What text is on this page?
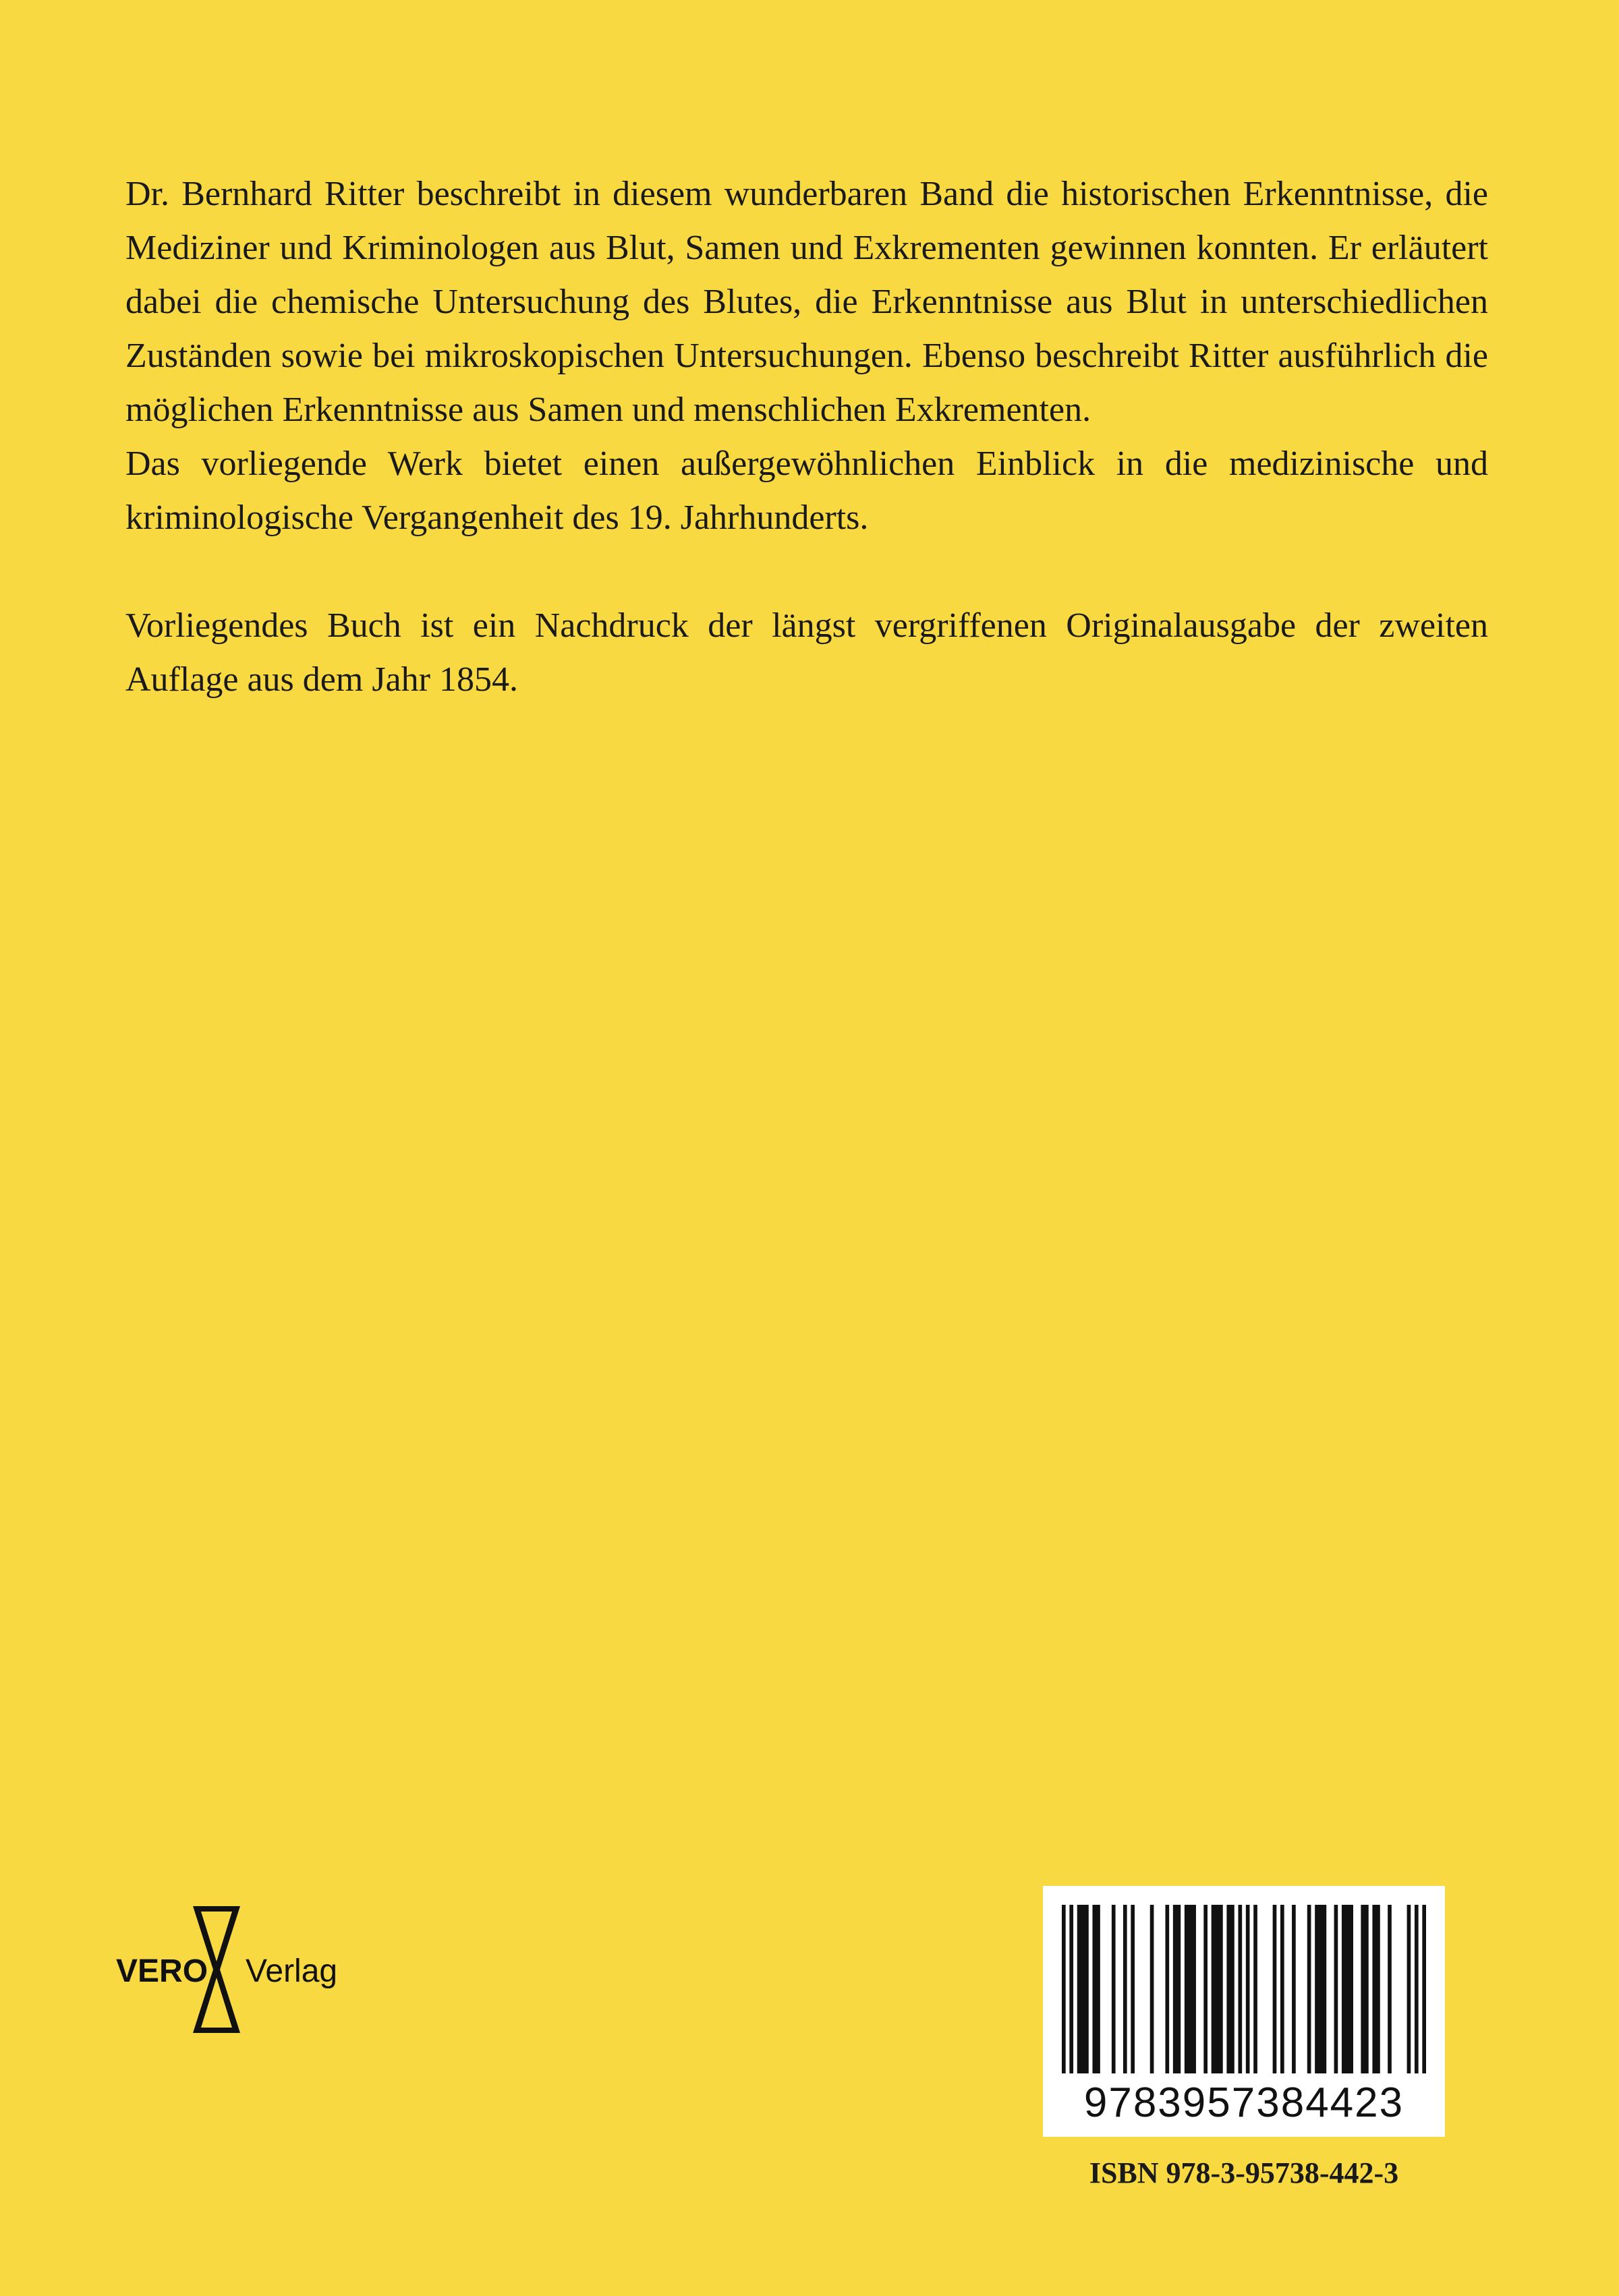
Dr. Bernhard Ritter beschreibt in diesem wunderbaren Band die historischen Erkenntnisse, die Mediziner und Kriminologen aus Blut, Samen und Exkrementen gewinnen konnten. Er erläutert dabei die chemische Untersuchung des Blutes, die Erkenntnisse aus Blut in unterschiedlichen Zuständen sowie bei mikroskopischen Untersuchungen. Ebenso beschreibt Ritter ausführlich die möglichen Erkenntnisse aus Samen und menschlichen Exkrementen.

Das vorliegende Werk bietet einen außergewöhnlichen Einblick in die medizinische und kriminologische Vergangenheit des 19. Jahrhunderts.

Vorliegendes Buch ist ein Nachdruck der längst vergriffenen Originalausgabe der zweiten Auflage aus dem Jahr 1854.

VERO Verlag
9783957384423
ISBN 978-3-95738-442-3
